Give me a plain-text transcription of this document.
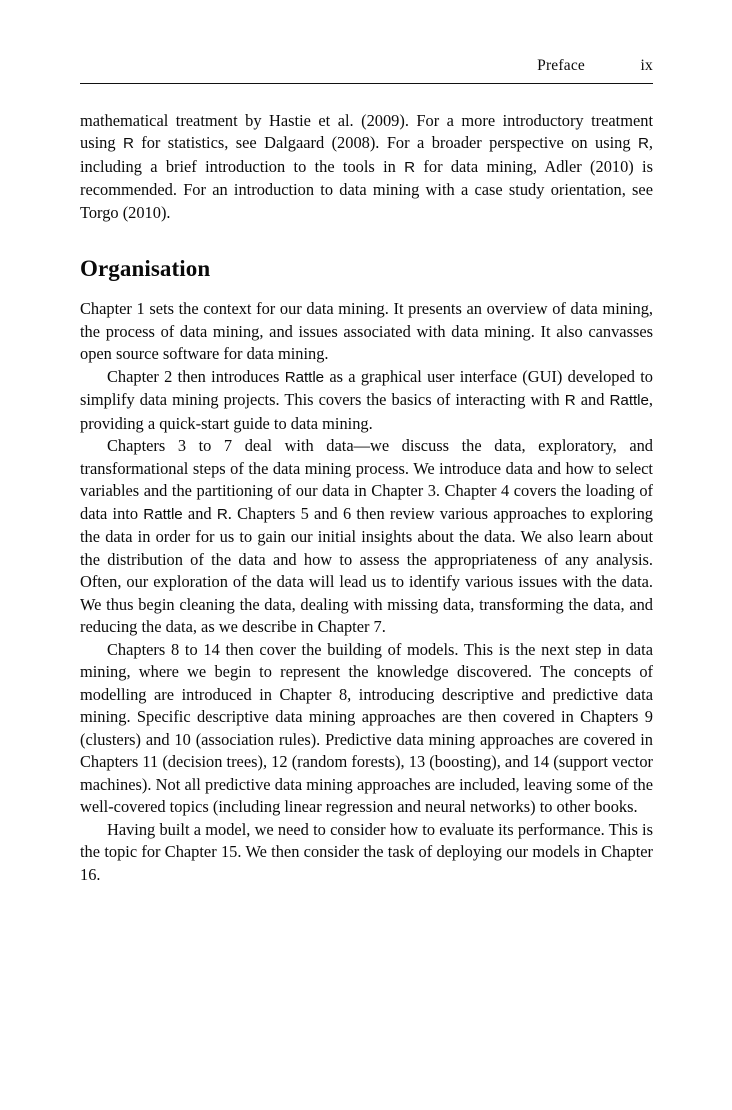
Preface	ix

mathematical treatment by Hastie et al. (2009). For a more introductory treatment using R for statistics, see Dalgaard (2008). For a broader perspective on using R, including a brief introduction to the tools in R for data mining, Adler (2010) is recommended. For an introduction to data mining with a case study orientation, see Torgo (2010).

Organisation

Chapter 1 sets the context for our data mining. It presents an overview of data mining, the process of data mining, and issues associated with data mining. It also canvasses open source software for data mining.

Chapter 2 then introduces Rattle as a graphical user interface (GUI) developed to simplify data mining projects. This covers the basics of interacting with R and Rattle, providing a quick-start guide to data mining.

Chapters 3 to 7 deal with data—we discuss the data, exploratory, and transformational steps of the data mining process. We introduce data and how to select variables and the partitioning of our data in Chapter 3. Chapter 4 covers the loading of data into Rattle and R. Chapters 5 and 6 then review various approaches to exploring the data in order for us to gain our initial insights about the data. We also learn about the distribution of the data and how to assess the appropriateness of any analysis. Often, our exploration of the data will lead us to identify various issues with the data. We thus begin cleaning the data, dealing with missing data, transforming the data, and reducing the data, as we describe in Chapter 7.

Chapters 8 to 14 then cover the building of models. This is the next step in data mining, where we begin to represent the knowledge discovered. The concepts of modelling are introduced in Chapter 8, introducing descriptive and predictive data mining. Specific descriptive data mining approaches are then covered in Chapters 9 (clusters) and 10 (association rules). Predictive data mining approaches are covered in Chapters 11 (decision trees), 12 (random forests), 13 (boosting), and 14 (support vector machines). Not all predictive data mining approaches are included, leaving some of the well-covered topics (including linear regression and neural networks) to other books.

Having built a model, we need to consider how to evaluate its performance. This is the topic for Chapter 15. We then consider the task of deploying our models in Chapter 16.
